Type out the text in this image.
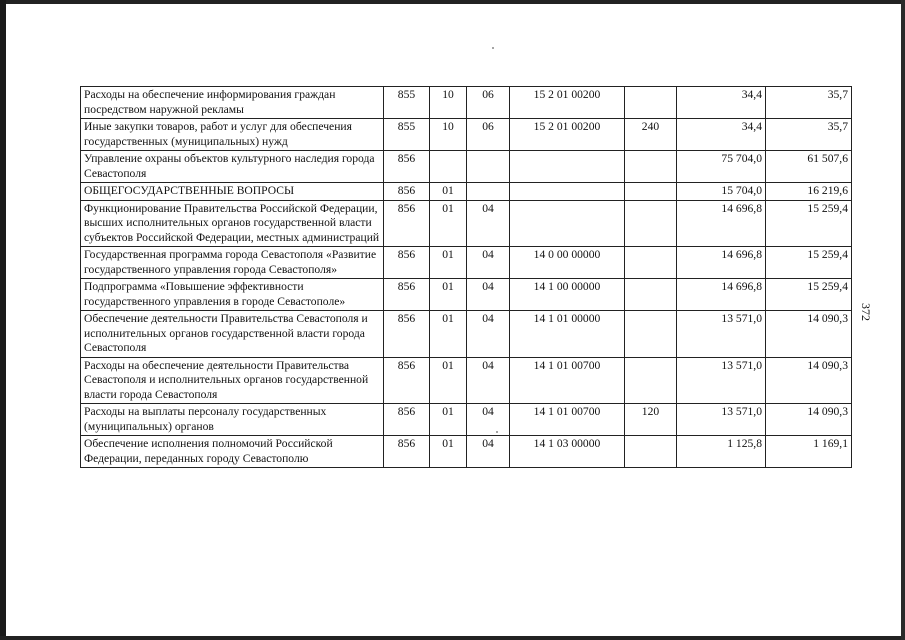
Расходы на обеспечение информирования граждан посредством наружной рекламы	855	10	06	15 2 01 00200		34,4	35,7
Иные закупки товаров, работ и услуг для обеспечения государственных (муниципальных) нужд	855	10	06	15 2 01 00200	240	34,4	35,7
Управление охраны объектов культурного наследия города Севастополя	856					75 704,0	61 507,6
ОБЩЕГОСУДАРСТВЕННЫЕ ВОПРОСЫ	856	01				15 704,0	16 219,6
Функционирование Правительства Российской Федерации, высших исполнительных органов государственной власти субъектов Российской Федерации, местных администраций	856	01	04			14 696,8	15 259,4
Государственная программа города Севастополя «Развитие государственного управления города Севастополя»	856	01	04	14 0 00 00000		14 696,8	15 259,4
Подпрограмма «Повышение эффективности государственного управления в городе Севастополе»	856	01	04	14 1 00 00000		14 696,8	15 259,4
Обеспечение деятельности Правительства Севастополя и исполнительных органов государственной власти города Севастополя	856	01	04	14 1 01 00000		13 571,0	14 090,3
Расходы на обеспечение деятельности Правительства Севастополя и исполнительных органов государственной власти города Севастополя	856	01	04	14 1 01 00700		13 571,0	14 090,3
Расходы на выплаты персоналу государственных (муниципальных) органов	856	01	04	14 1 01 00700	120	13 571,0	14 090,3
Обеспечение исполнения полномочий Российской Федерации, переданных городу Севастополю	856	01	04	14 1 03 00000		1 125,8	1 169,1
372
